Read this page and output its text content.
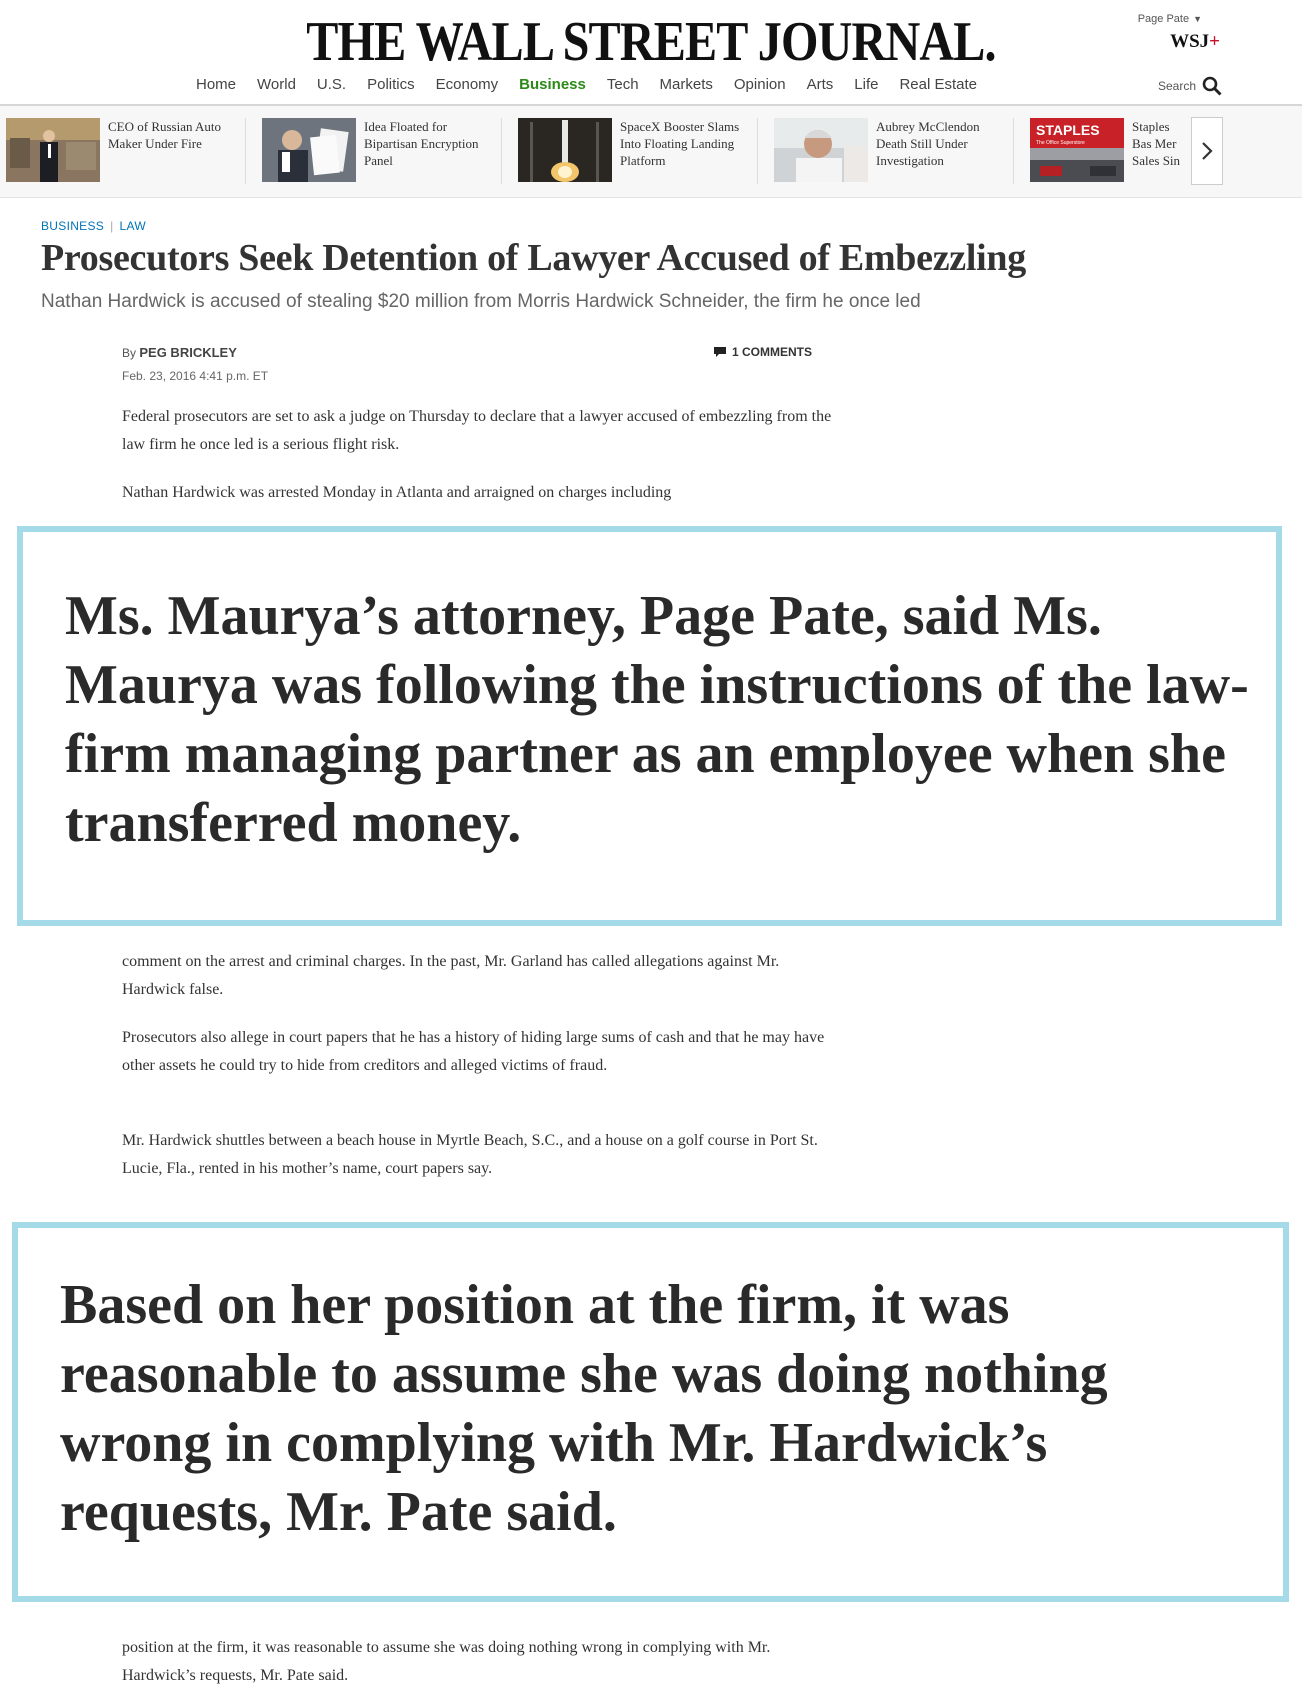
THE WALL STREET JOURNAL.	Page Pate ▼
WSJ+
Home World U.S. Politics Economy Business Tech Markets Opinion Arts Life Real Estate	Search
CEO of Russian Auto Maker Under Fire
Idea Floated for Bipartisan Encryption Panel
SpaceX Booster Slams Into Floating Landing Platform
Aubrey McClendon Death Still Under Investigation
STAPLES
The Office Superstore
Staples Bas Mer Sales Sin
BUSINESS | LAW
Prosecutors Seek Detention of Lawyer Accused of Embezzling
Nathan Hardwick is accused of stealing $20 million from Morris Hardwick Schneider, the firm he once led
By PEG BRICKLEY
Feb. 23, 2016 4:41 p.m. ET
1 COMMENTS

Federal prosecutors are set to ask a judge on Thursday to declare that a lawyer accused of embezzling from the law firm he once led is a serious flight risk.

Nathan Hardwick was arrested Monday in Atlanta and arraigned on charges including

comment on the arrest and criminal charges. In the past, Mr. Garland has called allegations against Mr. Hardwick false.

Prosecutors also allege in court papers that he has a history of hiding large sums of cash and that he may have other assets he could try to hide from creditors and alleged victims of fraud.

Mr. Hardwick shuttles between a beach house in Myrtle Beach, S.C., and a house on a golf course in Port St. Lucie, Fla., rented in his mother’s name, court papers say.

position at the firm, it was reasonable to assume she was doing nothing wrong in complying with Mr. Hardwick’s requests, Mr. Pate said.

Ms. Maurya’s attorney, Page Pate, said Ms. Maurya was following the instructions of the law-firm managing partner as an employee when she transferred money.
Based on her position at the firm, it was reasonable to assume she was doing nothing wrong in complying with Mr. Hardwick’s requests, Mr. Pate said.
